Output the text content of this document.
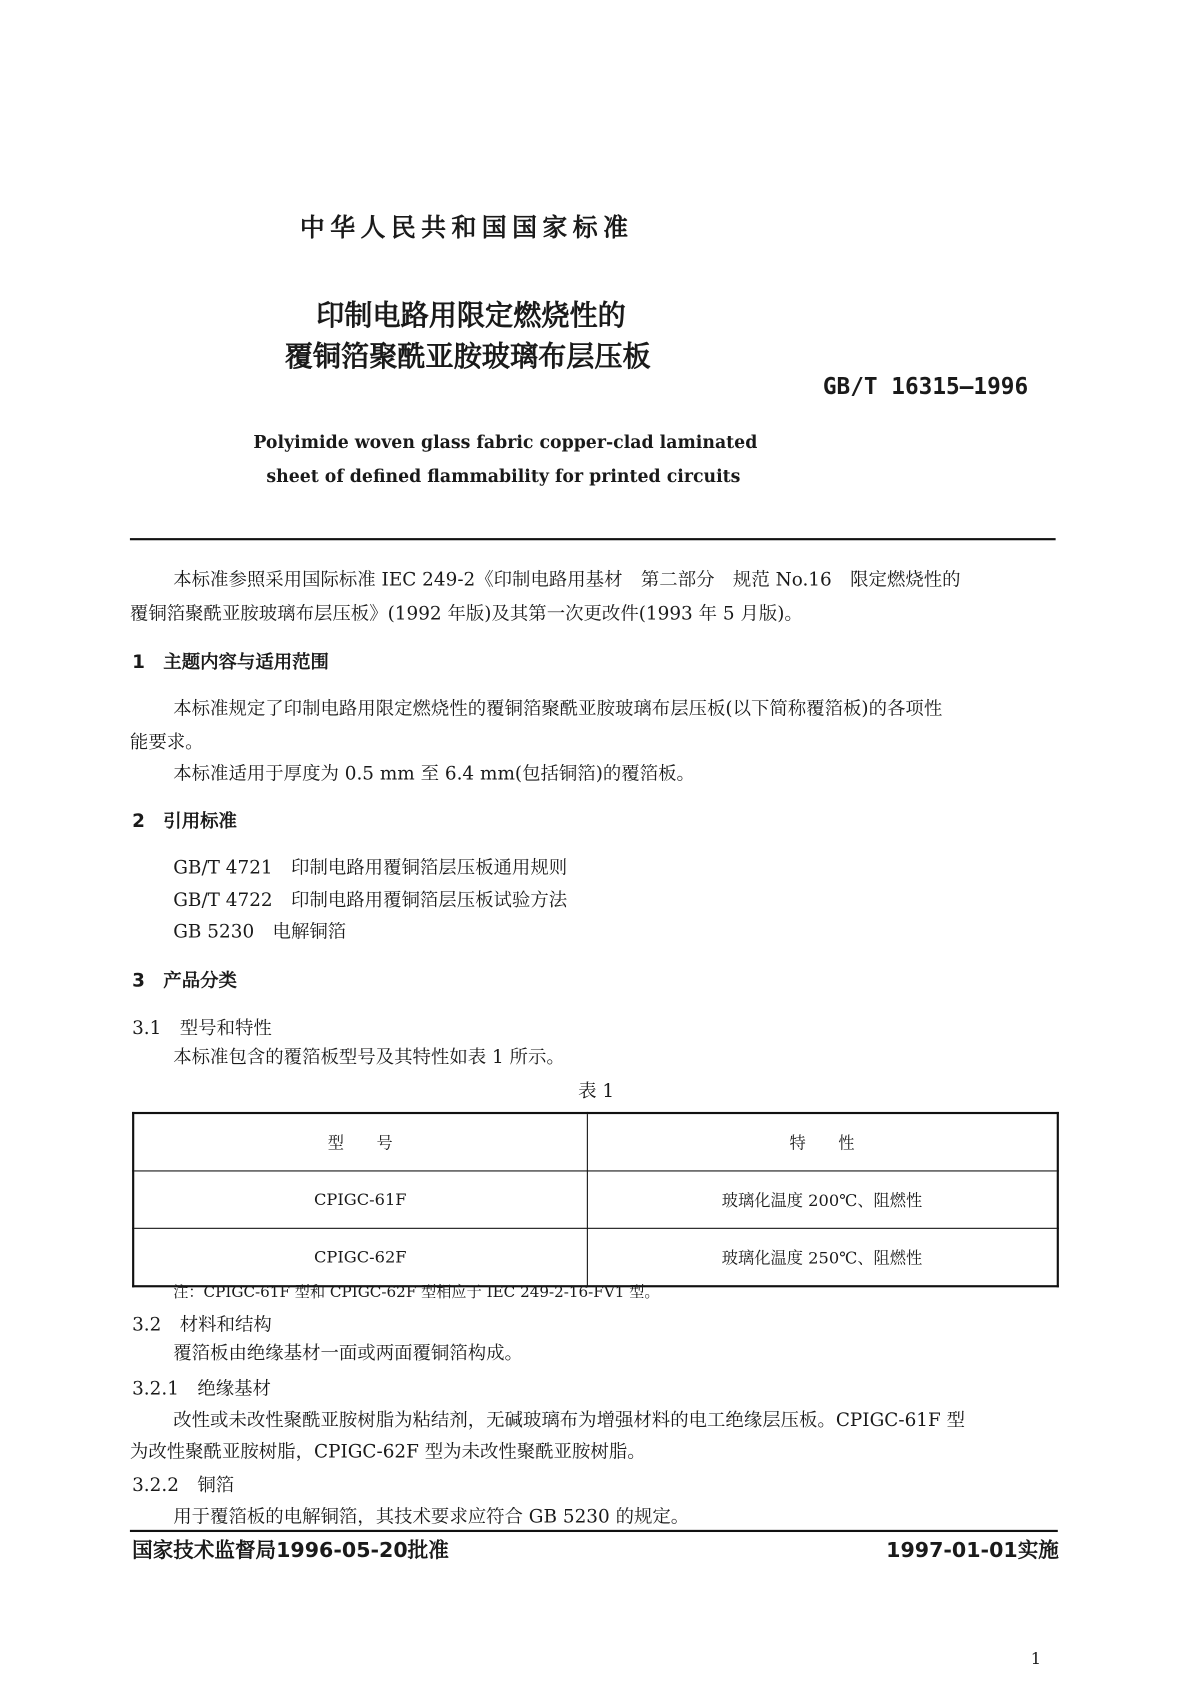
中华人民共和国国家标准
印制电路用限定燃烧性的
覆铜箔聚酰亚胺玻璃布层压板
GB/T 16315—1996
Polyimide woven glass fabric copper-clad laminated
sheet of defined flammability for printed circuits
本标准参照采用国际标准 IEC 249-2《印制电路用基材　第二部分　规范 No.16　限定燃烧性的
覆铜箔聚酰亚胺玻璃布层压板》(1992 年版)及其第一次更改件(1993 年 5 月版)。
1　主题内容与适用范围
本标准规定了印制电路用限定燃烧性的覆铜箔聚酰亚胺玻璃布层压板(以下简称覆箔板)的各项性
能要求。
本标准适用于厚度为 0.5 mm 至 6.4 mm(包括铜箔)的覆箔板。
2　引用标准
GB/T 4721　印制电路用覆铜箔层压板通用规则
GB/T 4722　印制电路用覆铜箔层压板试验方法
GB 5230　电解铜箔
3　产品分类
3.1　型号和特性
本标准包含的覆箔板型号及其特性如表 1 所示。
表 1
型　　号	特　　性
CPIGC-61F	玻璃化温度 200℃、阻燃性
CPIGC-62F	玻璃化温度 250℃、阻燃性
注：CPIGC-61F 型和 CPIGC-62F 型相应于 IEC 249-2-16-FV1 型。
3.2　材料和结构
覆箔板由绝缘基材一面或两面覆铜箔构成。
3.2.1　绝缘基材
改性或未改性聚酰亚胺树脂为粘结剂，无碱玻璃布为增强材料的电工绝缘层压板。CPIGC-61F 型
为改性聚酰亚胺树脂，CPIGC-62F 型为未改性聚酰亚胺树脂。
3.2.2　铜箔
用于覆箔板的电解铜箔，其技术要求应符合 GB 5230 的规定。
国家技术监督局1996-05-20批准	1997-01-01实施
1
